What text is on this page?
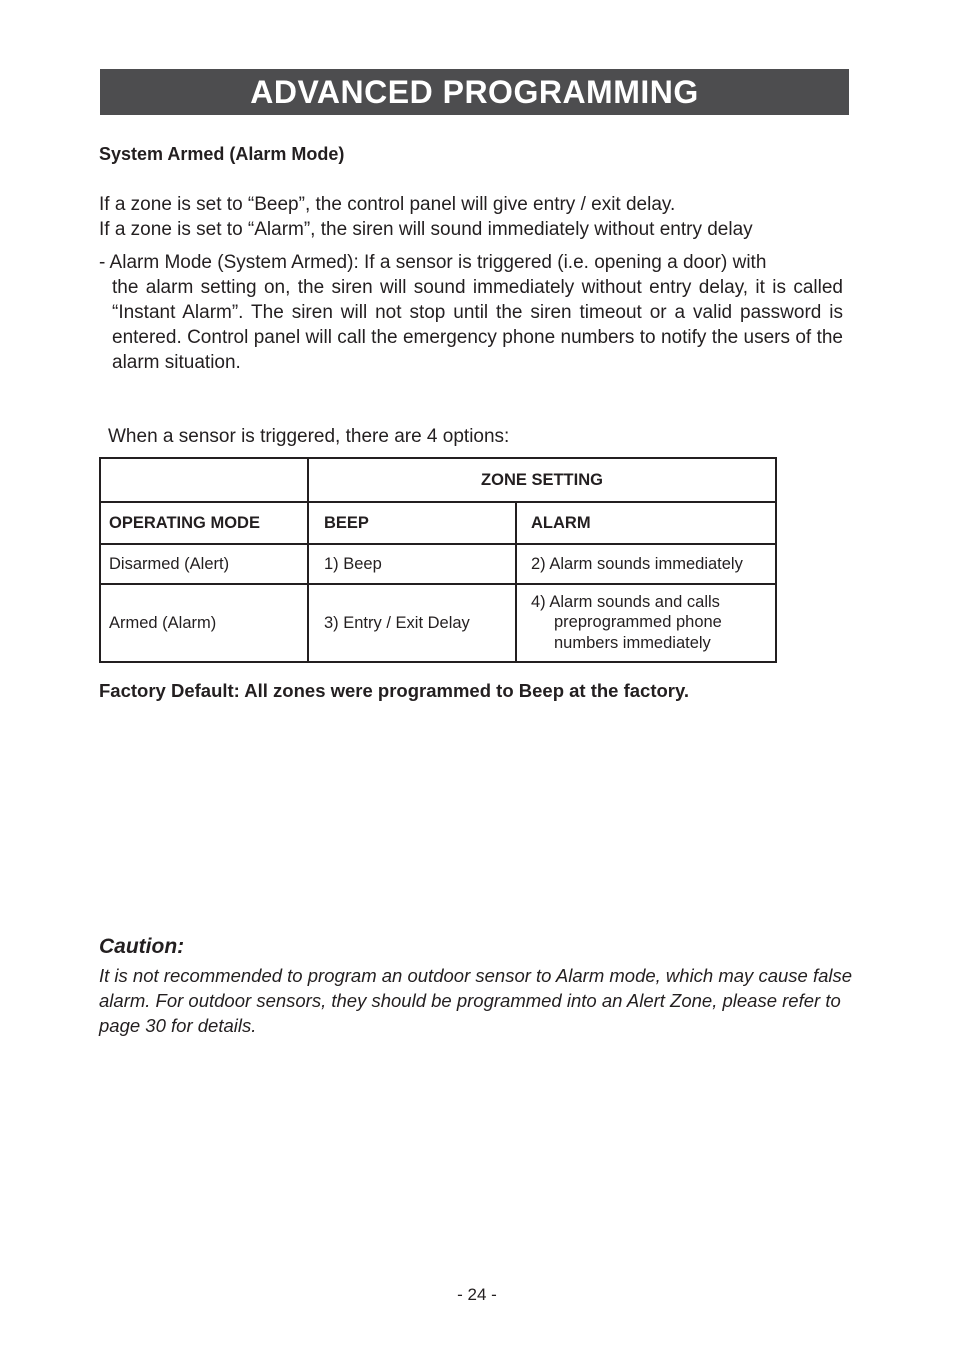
ADVANCED PROGRAMMING
System Armed (Alarm Mode)
If a zone is set to “Beep”, the control panel will give entry / exit delay.
If a zone is set to “Alarm”, the siren will sound immediately without entry delay
- Alarm Mode (System Armed): If a sensor is triggered (i.e. opening a door) with
the alarm setting on, the siren will sound immediately without entry delay, it is called “Instant Alarm”. The siren will not stop until the siren timeout or a valid password is entered. Control panel will call the emergency phone numbers to notify the users of the alarm situation.
When a sensor is triggered, there are 4 options:
	ZONE SETTING	
OPERATING MODE	BEEP	ALARM
Disarmed (Alert)	1) Beep	2) Alarm sounds immediately

Armed (Alarm)	3) Entry / Exit Delay	4) Alarm sounds and calls
preprogrammed phone numbers immediately
Factory Default: All zones were programmed to Beep at the factory.
Caution:
It is not recommended to program an outdoor sensor to Alarm mode, which may cause false alarm. For outdoor sensors, they should be programmed into an Alert Zone, please refer to page 30 for details.
- 24 -
